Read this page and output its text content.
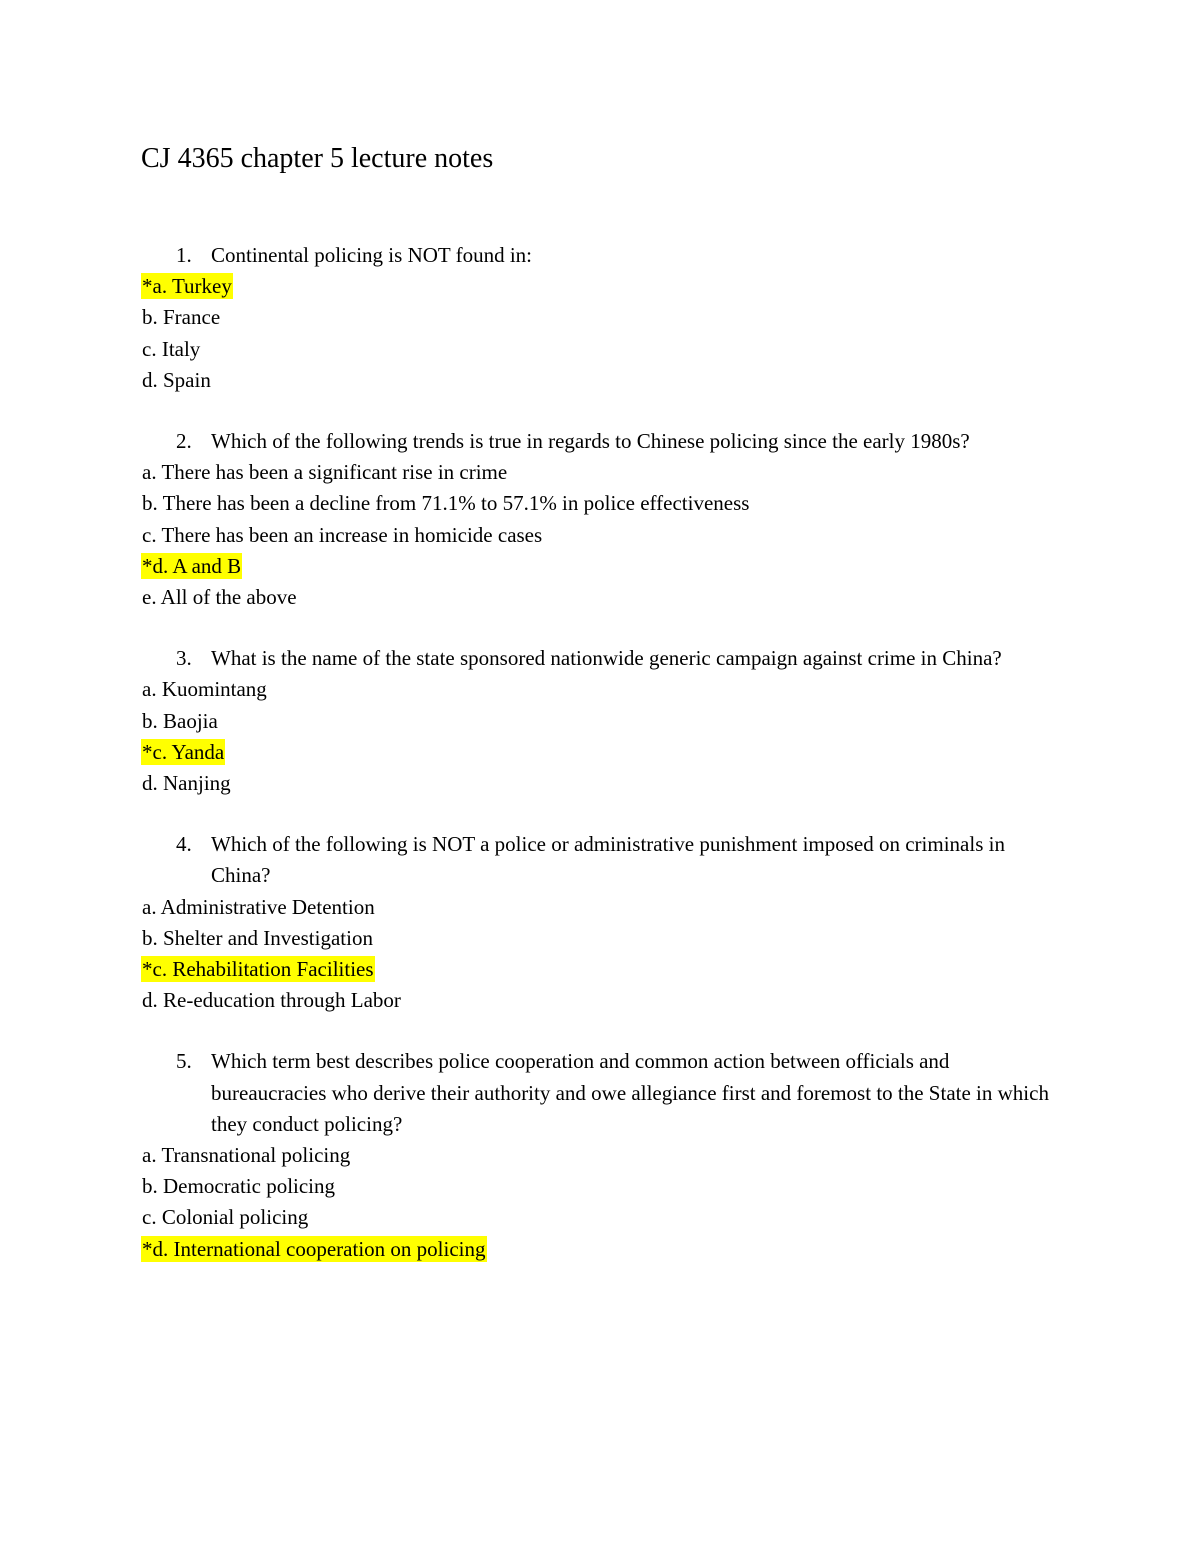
CJ 4365 chapter 5 lecture notes
1. Continental policing is NOT found in:
*a. Turkey
b. France
c. Italy
d. Spain
2. Which of the following trends is true in regards to Chinese policing since the early 1980s?
a. There has been a significant rise in crime
b. There has been a decline from 71.1% to 57.1% in police effectiveness
c. There has been an increase in homicide cases
*d. A and B
e. All of the above
3. What is the name of the state sponsored nationwide generic campaign against crime in China?
a. Kuomintang
b. Baojia
*c. Yanda
d. Nanjing
4. Which of the following is NOT a police or administrative punishment imposed on criminals in China?
a. Administrative Detention
b. Shelter and Investigation
*c. Rehabilitation Facilities
d. Re-education through Labor
5. Which term best describes police cooperation and common action between officials and bureaucracies who derive their authority and owe allegiance first and foremost to the State in which they conduct policing?
a. Transnational policing
b. Democratic policing
c. Colonial policing
*d. International cooperation on policing
